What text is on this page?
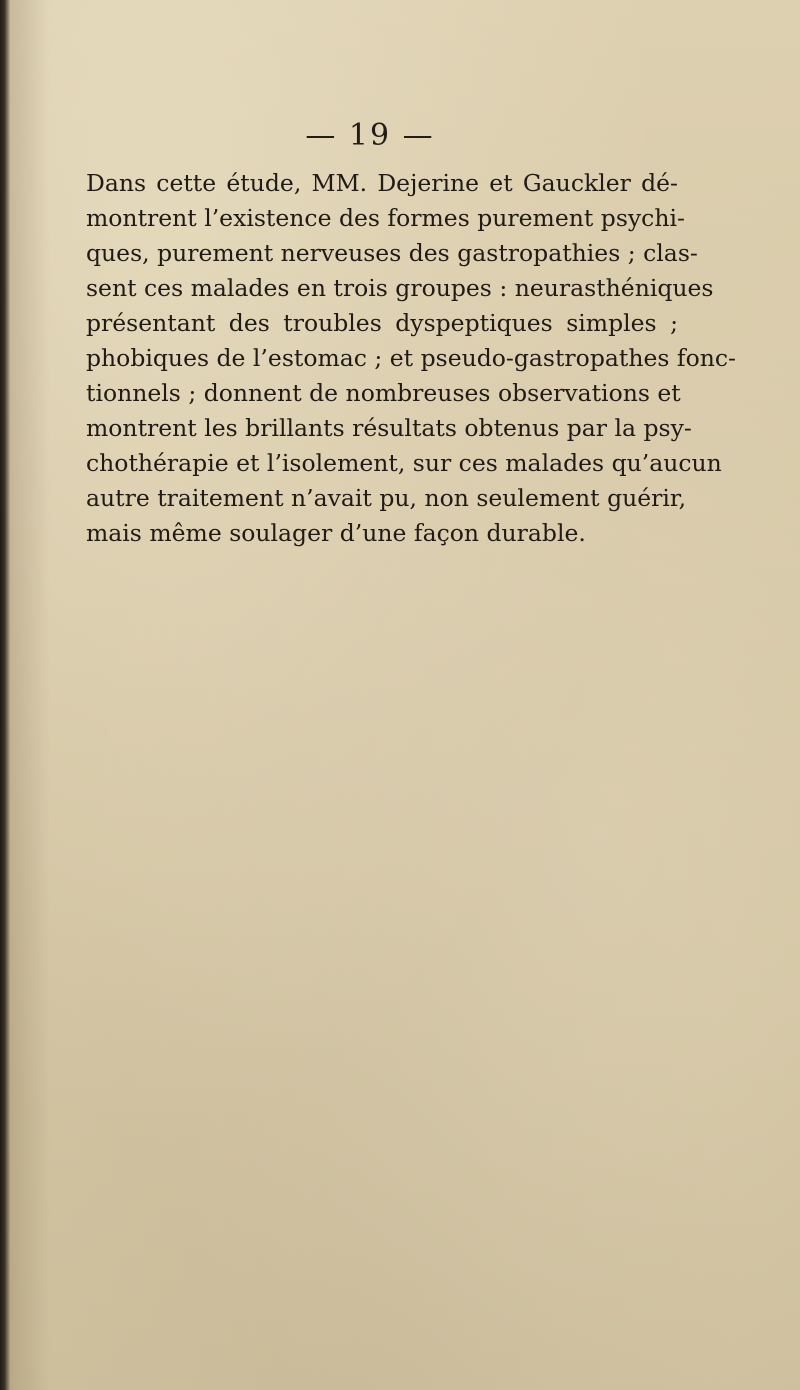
— 19 —

Dans cette étude, MM. Dejerine et Gauckler dé-
montrent l’existence des formes purement psychi-
ques, purement nerveuses des gastropathies ; clas-
sent ces malades en trois groupes : neurasthéniques
présentant des troubles dyspeptiques simples ;
phobiques de l’estomac ; et pseudo-gastropathes fonc-
tionnels ; donnent de nombreuses observations et
montrent les brillants résultats obtenus par la psy-
chothérapie et l’isolement, sur ces malades qu’aucun
autre traitement n’avait pu, non seulement guérir,
mais même soulager d’une façon durable.
